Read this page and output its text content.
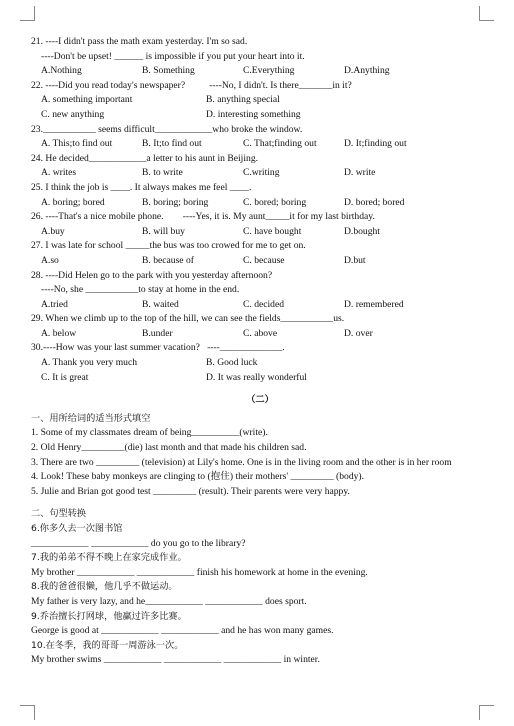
21. ----I didn't pass the math exam yesterday. I'm so sad.
----Don't be upset! ______ is impossible if you put your heart into it.
A.Nothing	B. Something	C.Everything	D.Anything
22. ----Did you read today's newspaper?          ----No, I didn't. Is there_______in it?
A. something important	B. anything special
C. new anything	D. interesting something
23.___________ seems difficult____________who broke the window.
A. This;to find out	B. It;to find out	C. That;finding out	D. It;finding out
24. He decided____________a letter to his aunt in Beijing.
A. writes	B. to write	C.writing	D. write
25. I think the job is ____. It always makes me feel ____.
A. boring; bored	B. boring; boring	C. bored; boring	D. bored; bored
26. ----That's a nice mobile phone.        ----Yes, it is. My aunt_____it for my last birthday.
A.buy	B. will buy	C. have bought	D.bought
27. I was late for school _____the bus was too crowed for me to get on.
A.so	B. because of	C. because	D.but
28. ----Did Helen go to the park with you yesterday afternoon?
----No, she ___________to stay at home in the end.
A.tried	B. waited	C. decided	D. remembered
29. When we climb up to the top of the hill, we can see the fields___________us.
A. below	B.under	C. above	D. over
30.----How was your last summer vacation?   ----_____________.
A. Thank you very much	B. Good luck
C. It is great	D. It was really wonderful
（二）
一、用所给词的适当形式填空
1. Some of my classmates dream of being__________(write).
2. Old Henry_________(die) last month and that made his children sad.
3. There are two _________ (television) at Lily's home. One is in the living room and the other is in her room
4. Look! These baby monkeys are clinging to (抱住) their mothers' _________ (body).
5. Julie and Brian got good test _________ (result). Their parents were very happy.
二、句型转换
6.你多久去一次图书馆
____________ ____________ do you go to the library?
7.我的弟弟不得不晚上在家完成作业。
My brother ____________ ____________ finish his homework at home in the evening.
8.我的爸爸很懒，他几乎不做运动。
My father is very lazy, and he____________ ____________ does sport.
9.乔治擅长打网球，他赢过许多比赛。
George is good at ____________ ____________ and he has won many games.
10.在冬季，我的哥哥一周游泳一次。
My brother swims ____________ ____________ ____________ in winter.
